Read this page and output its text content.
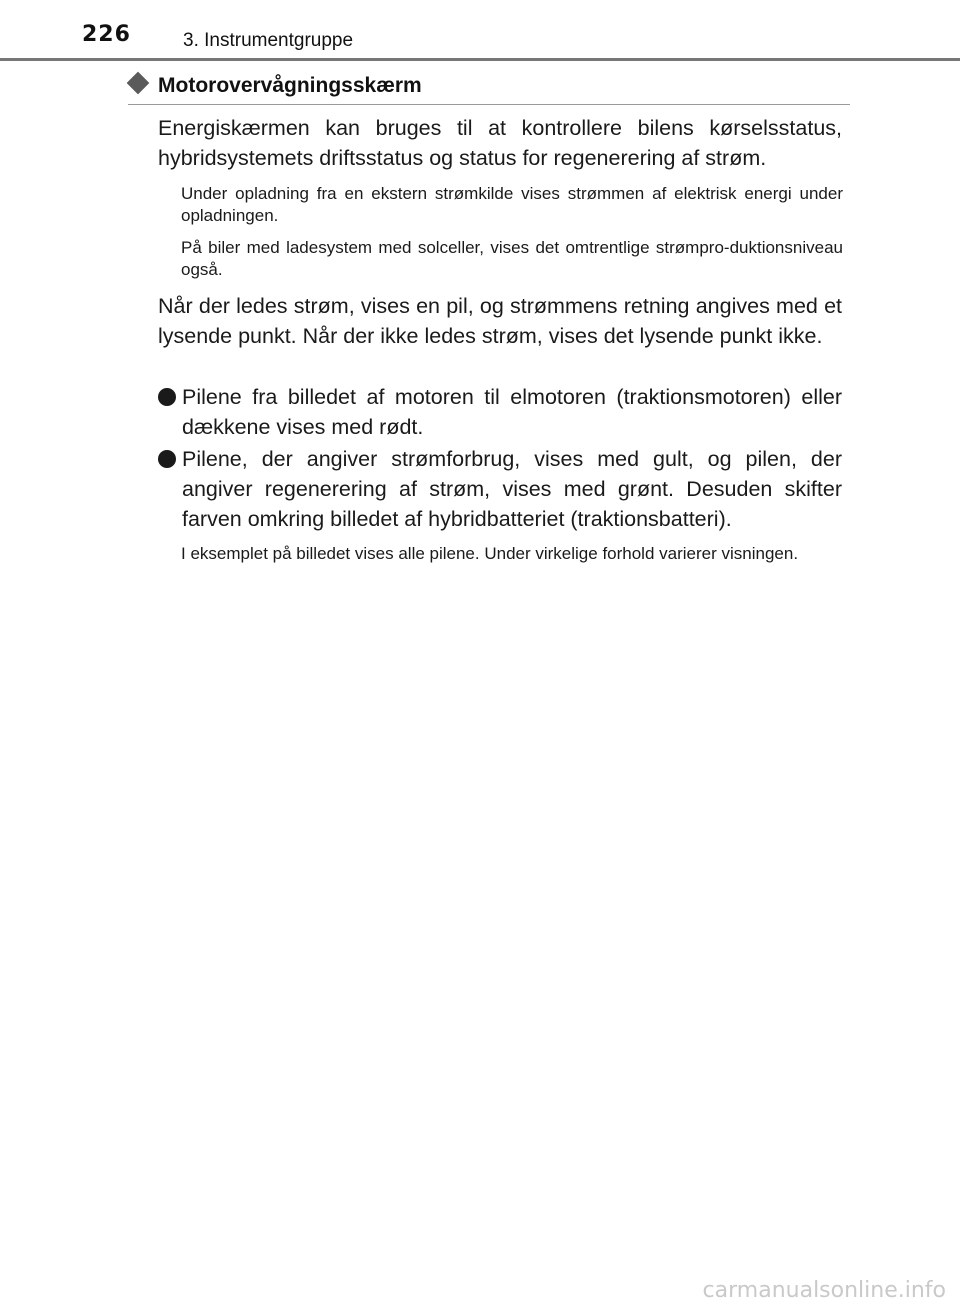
226	3. Instrumentgruppe
Motorovervågningsskærm

Energiskærmen kan bruges til at kontrollere bilens kørselsstatus, hybridsystemets driftsstatus og status for regenerering af strøm.

Under opladning fra en ekstern strømkilde vises strømmen af elektrisk energi under opladningen.

På biler med ladesystem med solceller, vises det omtrentlige strømpro-duktionsniveau også.

Når der ledes strøm, vises en pil, og strømmens retning angives med et lysende punkt. Når der ikke ledes strøm, vises det lysende punkt ikke.

Pilene fra billedet af motoren til elmotoren (traktionsmotoren) eller dækkene vises med rødt.

Pilene, der angiver strømforbrug, vises med gult, og pilen, der angiver regenerering af strøm, vises med grønt. Desuden skifter farven omkring billedet af hybridbatteriet (traktionsbatteri).

I eksemplet på billedet vises alle pilene. Under virkelige forhold varierer visningen.

carmanualsonline.info
